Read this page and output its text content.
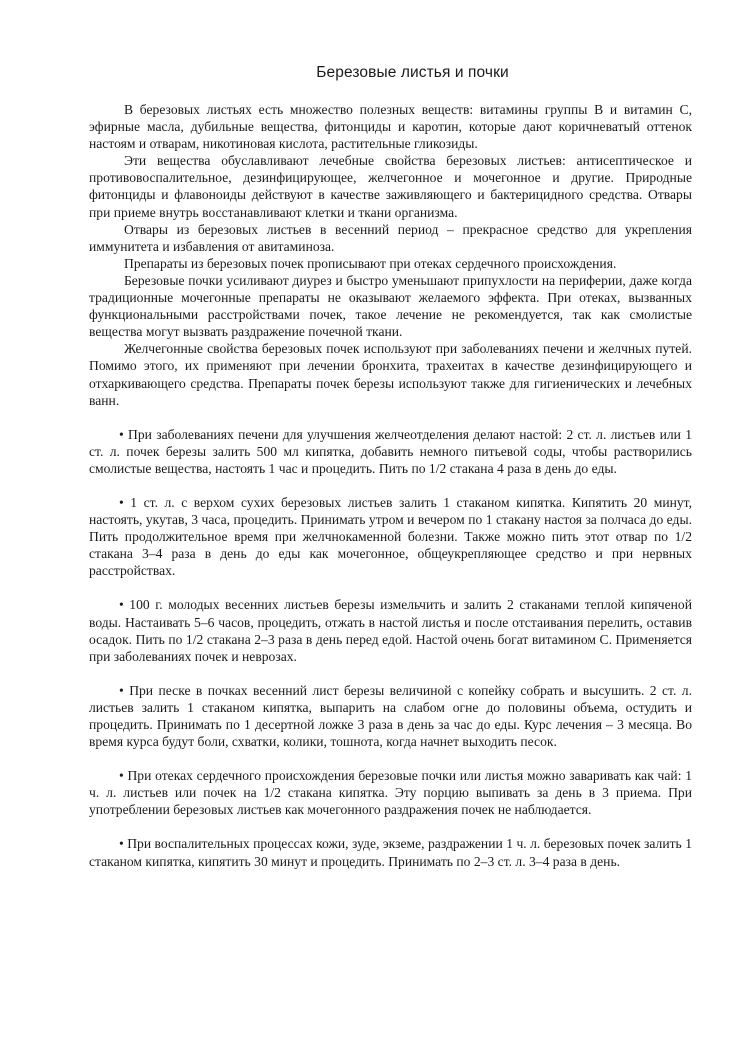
Березовые листья и почки

В березовых листьях есть множество полезных веществ: витамины группы В и витамин С, эфирные масла, дубильные вещества, фитонциды и каротин, которые дают коричневатый оттенок настоям и отварам, никотиновая кислота, растительные гликозиды.

Эти вещества обуславливают лечебные свойства березовых листьев: антисептическое и противовоспалительное, дезинфицирующее, желчегонное и мочегонное и другие. Природные фитонциды и флавоноиды действуют в качестве заживляющего и бактерицидного средства. Отвары при приеме внутрь восстанавливают клетки и ткани организма.

Отвары из березовых листьев в весенний период – прекрасное средство для укрепления иммунитета и избавления от авитаминоза.

Препараты из березовых почек прописывают при отеках сердечного происхождения.

Березовые почки усиливают диурез и быстро уменьшают припухлости на периферии, даже когда традиционные мочегонные препараты не оказывают желаемого эффекта. При отеках, вызванных функциональными расстройствами почек, такое лечение не рекомендуется, так как смолистые вещества могут вызвать раздражение почечной ткани.

Желчегонные свойства березовых почек используют при заболеваниях печени и желчных путей. Помимо этого, их применяют при лечении бронхита, трахеитах в качестве дезинфицирующего и отхаркивающего средства. Препараты почек березы используют также для гигиенических и лечебных ванн.

• При заболеваниях печени для улучшения желчеотделения делают настой: 2 ст. л. листьев или 1 ст. л. почек березы залить 500 мл кипятка, добавить немного питьевой соды, чтобы растворились смолистые вещества, настоять 1 час и процедить. Пить по 1/2 стакана 4 раза в день до еды.

• 1 ст. л. с верхом сухих березовых листьев залить 1 стаканом кипятка. Кипятить 20 минут, настоять, укутав, 3 часа, процедить. Принимать утром и вечером по 1 стакану настоя за полчаса до еды. Пить продолжительное время при желчнокаменной болезни. Также можно пить этот отвар по 1/2 стакана 3–4 раза в день до еды как мочегонное, общеукрепляющее средство и при нервных расстройствах.

• 100 г. молодых весенних листьев березы измельчить и залить 2 стаканами теплой кипяченой воды. Настаивать 5–6 часов, процедить, отжать в настой листья и после отстаивания перелить, оставив осадок. Пить по 1/2 стакана 2–3 раза в день перед едой. Настой очень богат витамином С. Применяется при заболеваниях почек и неврозах.

• При песке в почках весенний лист березы величиной с копейку собрать и высушить. 2 ст. л. листьев залить 1 стаканом кипятка, выпарить на слабом огне до половины объема, остудить и процедить. Принимать по 1 десертной ложке 3 раза в день за час до еды. Курс лечения – 3 месяца. Во время курса будут боли, схватки, колики, тошнота, когда начнет выходить песок.

• При отеках сердечного происхождения березовые почки или листья можно заваривать как чай: 1 ч. л. листьев или почек на 1/2 стакана кипятка. Эту порцию выпивать за день в 3 приема. При употреблении березовых листьев как мочегонного раздражения почек не наблюдается.

• При воспалительных процессах кожи, зуде, экземе, раздражении 1 ч. л. березовых почек залить 1 стаканом кипятка, кипятить 30 минут и процедить. Принимать по 2–3 ст. л. 3–4 раза в день.
